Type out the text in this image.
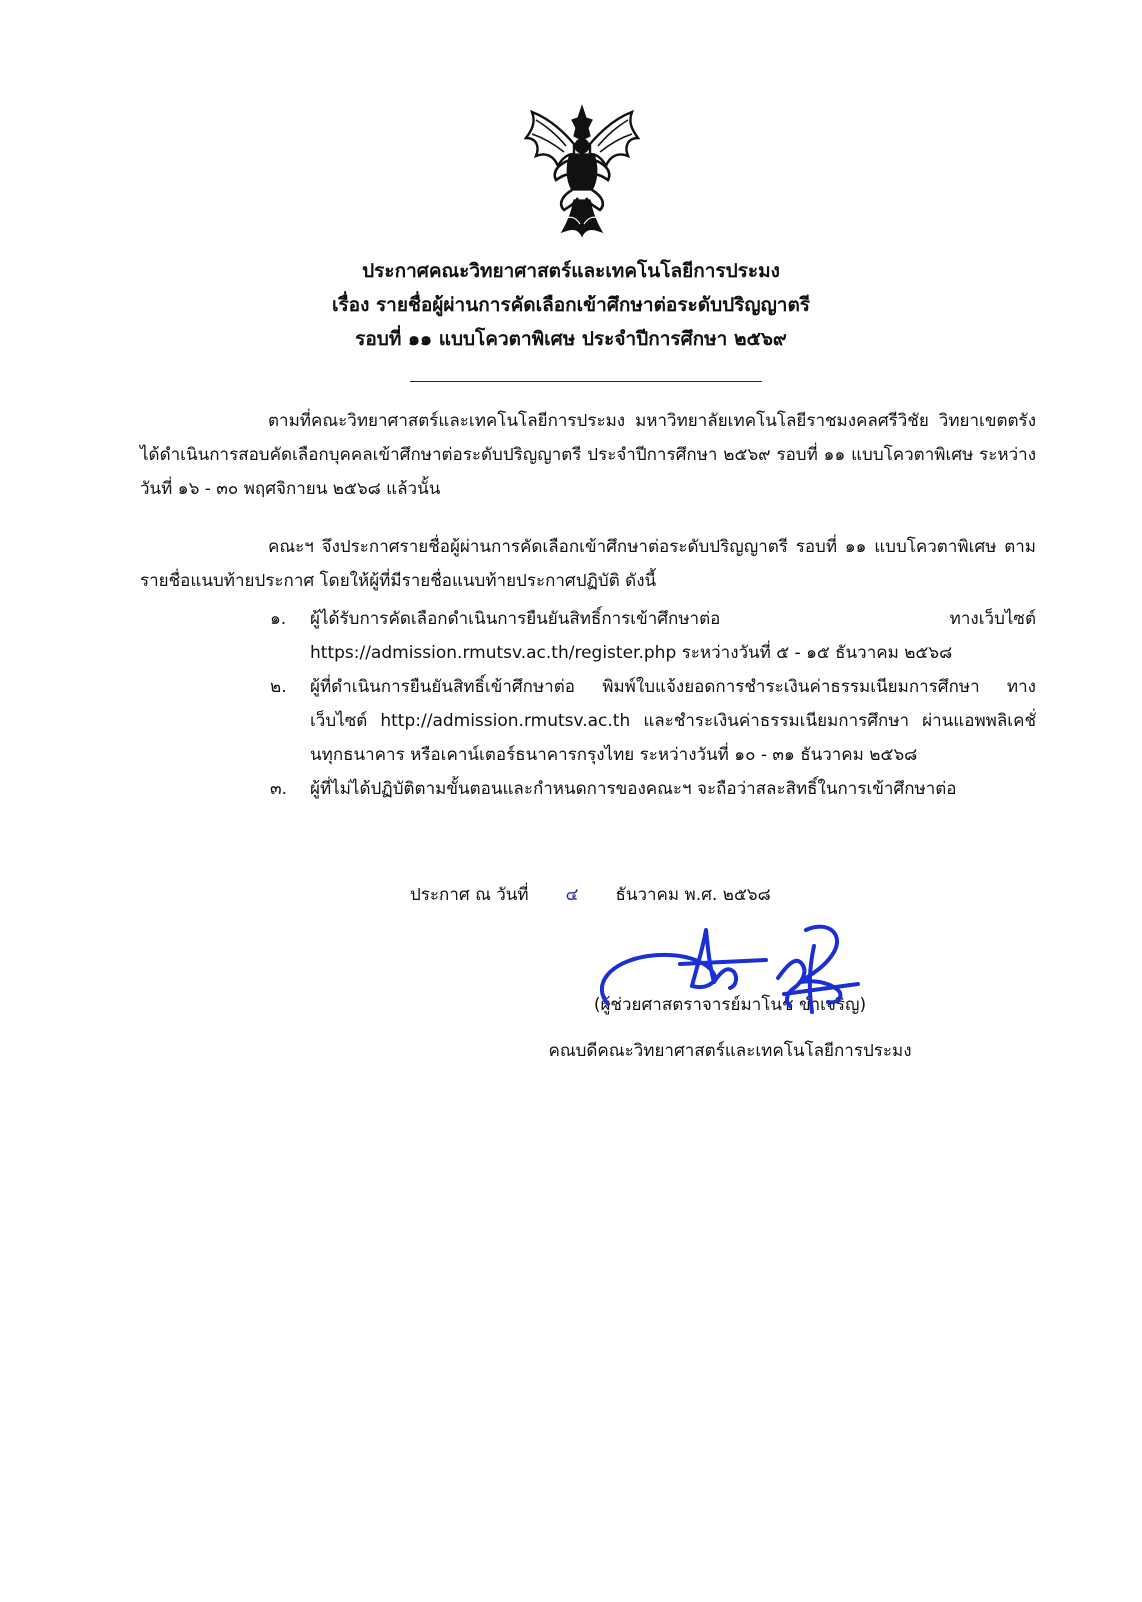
ประกาศคณะวิทยาศาสตร์และเทคโนโลยีการประมง

เรื่อง รายชื่อผู้ผ่านการคัดเลือกเข้าศึกษาต่อระดับปริญญาตรี

รอบที่ ๑๑ แบบโควตาพิเศษ ประจำปีการศึกษา ๒๕๖๙

ตามที่คณะวิทยาศาสตร์และเทคโนโลยีการประมง มหาวิทยาลัยเทคโนโลยีราชมงคลศรีวิชัย วิทยาเขตตรัง ได้ดำเนินการสอบคัดเลือกบุคคลเข้าศึกษาต่อระดับปริญญาตรี ประจำปีการศึกษา ๒๕๖๙ รอบที่ ๑๑ แบบโควตาพิเศษ ระหว่างวันที่ ๑๖ - ๓๐ พฤศจิกายน ๒๕๖๘ แล้วนั้น

คณะฯ จึงประกาศรายชื่อผู้ผ่านการคัดเลือกเข้าศึกษาต่อระดับปริญญาตรี รอบที่ ๑๑ แบบโควตาพิเศษ ตามรายชื่อแนบท้ายประกาศ โดยให้ผู้ที่มีรายชื่อแนบท้ายประกาศปฏิบัติ ดังนี้

๑. ผู้ได้รับการคัดเลือกดำเนินการยืนยันสิทธิ์การเข้าศึกษาต่อ ทางเว็บไซต์ https://admission.rmutsv.ac.th/register.php ระหว่างวันที่ ๕ - ๑๕ ธันวาคม ๒๕๖๘
๒. ผู้ที่ดำเนินการยืนยันสิทธิ์เข้าศึกษาต่อ พิมพ์ใบแจ้งยอดการชำระเงินค่าธรรมเนียมการศึกษา ทางเว็บไซต์ http://admission.rmutsv.ac.th และชำระเงินค่าธรรมเนียมการศึกษา ผ่านแอพพลิเคชั่นทุกธนาคาร หรือเคาน์เตอร์ธนาคารกรุงไทย ระหว่างวันที่ ๑๐ - ๓๑ ธันวาคม ๒๕๖๘
๓. ผู้ที่ไม่ได้ปฏิบัติตามขั้นตอนและกำหนดการของคณะฯ จะถือว่าสละสิทธิ์ในการเข้าศึกษาต่อ
ประกาศ ณ วันที่ ๔ ธันวาคม พ.ศ. ๒๕๖๘

(ผู้ช่วยศาสตราจารย์มาโนช ขำเจริญ)

คณบดีคณะวิทยาศาสตร์และเทคโนโลยีการประมง
